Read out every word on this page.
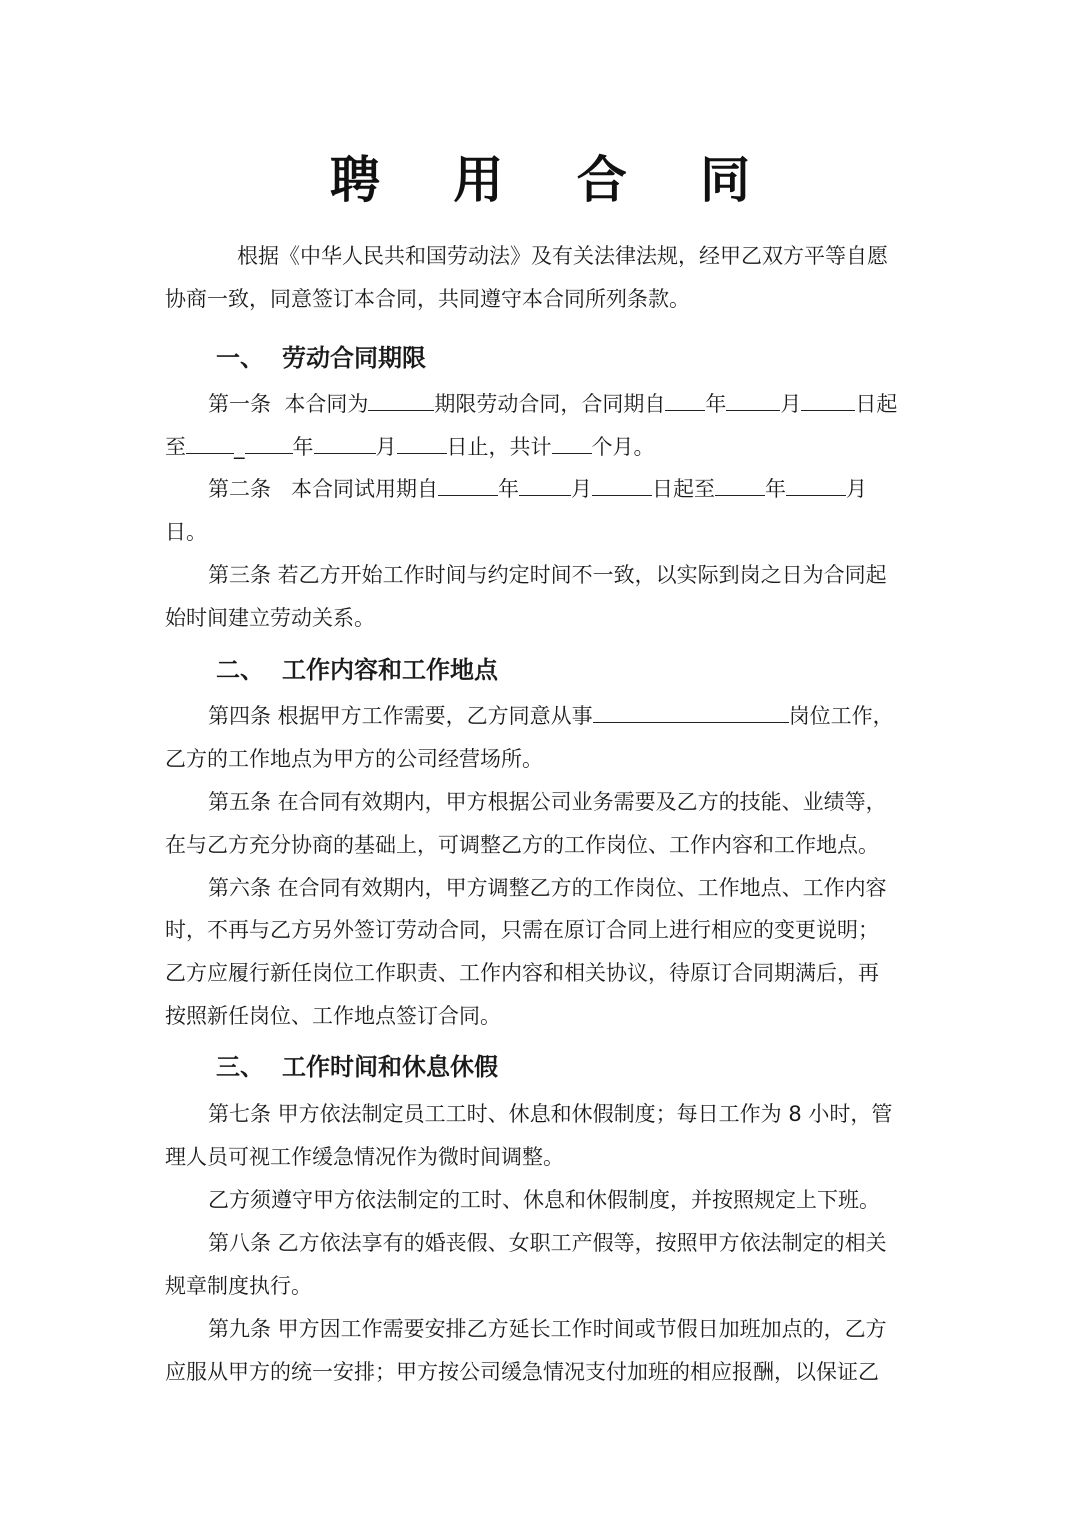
聘 用 合 同
根据《中华人民共和国劳动法》及有关法律法规，经甲乙双方平等自愿
协商一致，同意签订本合同，共同遵守本合同所列条款。
一、 劳动合同期限
第一条 本合同为	期限劳动合同，合同期自 年	月	日起
至 _ 年	月 日止，共计 个月。
第二条 本合同试用期自	年 月	日起至 年	月
日。
第三条 若乙方开始工作时间与约定时间不一致，以实际到岗之日为合同起
始时间建立劳动关系。
二、 工作内容和工作地点
第四条 根据甲方工作需要，乙方同意从事	岗位工作，
乙方的工作地点为甲方的公司经营场所。
第五条 在合同有效期内，甲方根据公司业务需要及乙方的技能、业绩等，
在与乙方充分协商的基础上，可调整乙方的工作岗位、工作内容和工作地点。
第六条 在合同有效期内，甲方调整乙方的工作岗位、工作地点、工作内容
时，不再与乙方另外签订劳动合同，只需在原订合同上进行相应的变更说明；
乙方应履行新任岗位工作职责、工作内容和相关协议，待原订合同期满后，再
按照新任岗位、工作地点签订合同。
三、 工作时间和休息休假
第七条 甲方依法制定员工工时、休息和休假制度；每日工作为 8 小时，管
理人员可视工作缓急情况作为微时间调整。
乙方须遵守甲方依法制定的工时、休息和休假制度，并按照规定上下班。
第八条 乙方依法享有的婚丧假、女职工产假等，按照甲方依法制定的相关
规章制度执行。
第九条 甲方因工作需要安排乙方延长工作时间或节假日加班加点的，乙方
应服从甲方的统一安排；甲方按公司缓急情况支付加班的相应报酬，以保证乙
